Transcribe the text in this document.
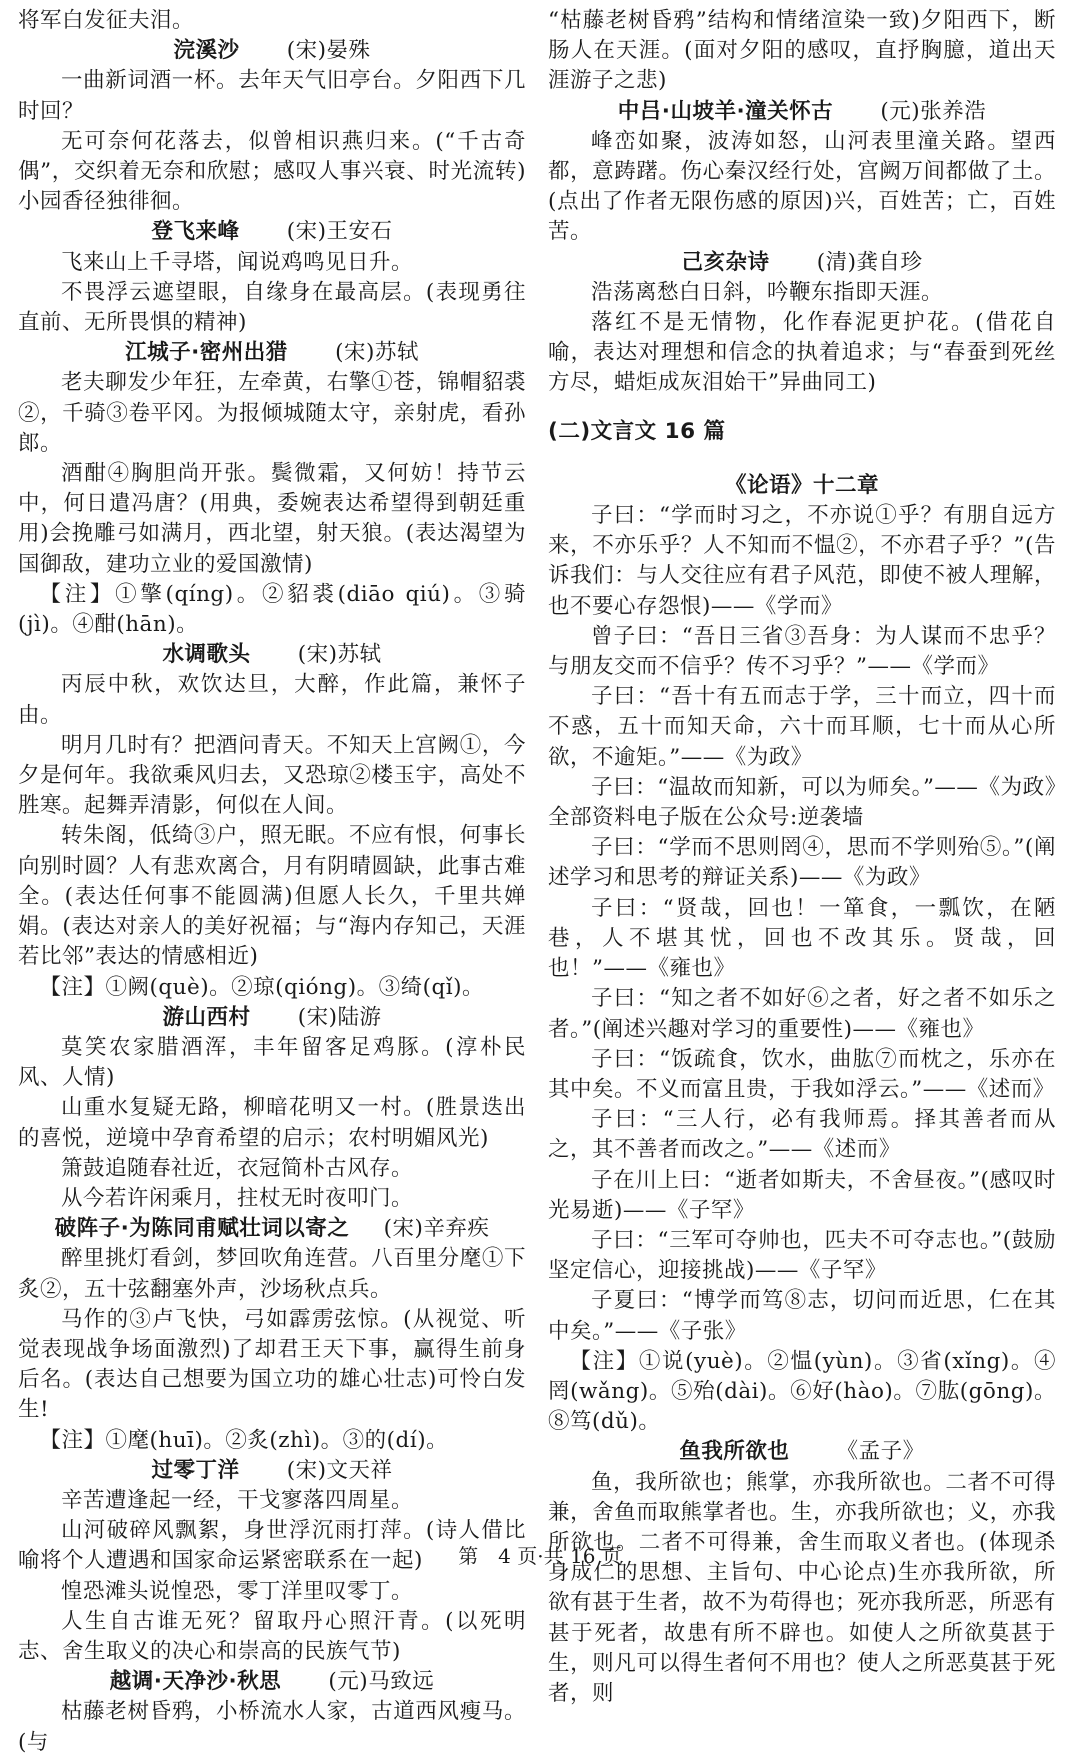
将军白发征夫泪。

浣溪沙 (宋)晏殊

一曲新词酒一杯。去年天气旧亭台。夕阳西下几时回？

无可奈何花落去，似曾相识燕归来。(“千古奇偶”，交织着无奈和欣慰；感叹人事兴衰、时光流转)小园香径独徘徊。

登飞来峰 (宋)王安石

飞来山上千寻塔，闻说鸡鸣见日升。

不畏浮云遮望眼，自缘身在最高层。(表现勇往直前、无所畏惧的精神)

江城子·密州出猎 (宋)苏轼

老夫聊发少年狂，左牵黄，右擎①苍，锦帽貂裘②，千骑③卷平冈。为报倾城随太守，亲射虎，看孙郎。

酒酣④胸胆尚开张。鬓微霜，又何妨！持节云中，何日遣冯唐？(用典，委婉表达希望得到朝廷重用)会挽雕弓如满月，西北望，射天狼。(表达渴望为国御敌，建功立业的爱国激情)

【注】①擎(qíng)。②貂裘(diāo qiú)。③骑(jì)。④酣(hān)。

水调歌头 (宋)苏轼

丙辰中秋，欢饮达旦，大醉，作此篇，兼怀子由。

明月几时有？把酒问青天。不知天上宫阙①，今夕是何年。我欲乘风归去，又恐琼②楼玉宇，高处不胜寒。起舞弄清影，何似在人间。

转朱阁，低绮③户，照无眠。不应有恨，何事长向别时圆？人有悲欢离合，月有阴晴圆缺，此事古难全。(表达任何事不能圆满)但愿人长久，千里共婵娟。(表达对亲人的美好祝福；与“海内存知己，天涯若比邻”表达的情感相近)

【注】①阙(què)。②琼(qióng)。③绮(qǐ)。

游山西村 (宋)陆游

莫笑农家腊酒浑，丰年留客足鸡豚。(淳朴民风、人情)

山重水复疑无路，柳暗花明又一村。(胜景迭出的喜悦，逆境中孕育希望的启示；农村明媚风光)

箫鼓追随春社近，衣冠简朴古风存。

从今若许闲乘月，拄杖无时夜叩门。

破阵子·为陈同甫赋壮词以寄之 (宋)辛弃疾

醉里挑灯看剑，梦回吹角连营。八百里分麾①下炙②，五十弦翻塞外声，沙场秋点兵。

马作的③卢飞快，弓如霹雳弦惊。(从视觉、听觉表现战争场面激烈)了却君王天下事，赢得生前身后名。(表达自己想要为国立功的雄心壮志)可怜白发生!

【注】①麾(huī)。②炙(zhì)。③的(dí)。

过零丁洋 (宋)文天祥

辛苦遭逢起一经，干戈寥落四周星。

山河破碎风飘絮，身世浮沉雨打萍。(诗人借比喻将个人遭遇和国家命运紧密联系在一起)

惶恐滩头说惶恐，零丁洋里叹零丁。

人生自古谁无死？留取丹心照汗青。(以死明志、舍生取义的决心和崇高的民族气节)

越调·天净沙·秋思 (元)马致远

枯藤老树昏鸦，小桥流水人家，古道西风瘦马。(与

“枯藤老树昏鸦”结构和情绪渲染一致)夕阳西下，断肠人在天涯。(面对夕阳的感叹，直抒胸臆，道出天涯游子之悲)

中吕·山坡羊·潼关怀古 (元)张养浩

峰峦如聚，波涛如怒，山河表里潼关路。望西都，意踌躇。伤心秦汉经行处，宫阙万间都做了土。(点出了作者无限伤感的原因)兴，百姓苦；亡，百姓苦。

己亥杂诗 (清)龚自珍

浩荡离愁白日斜，吟鞭东指即天涯。

落红不是无情物，化作春泥更护花。(借花自喻，表达对理想和信念的执着追求；与“春蚕到死丝方尽，蜡炬成灰泪始干”异曲同工)

(二)文言文 16 篇
《论语》十二章

子曰：“学而时习之，不亦说①乎？有朋自远方来，不亦乐乎？人不知而不愠②，不亦君子乎？”(告诉我们：与人交往应有君子风范，即使不被人理解，也不要心存怨恨)——《学而》

曾子曰：“吾日三省③吾身：为人谋而不忠乎？与朋友交而不信乎？传不习乎？”——《学而》

子曰：“吾十有五而志于学，三十而立，四十而不惑，五十而知天命，六十而耳顺，七十而从心所欲，不逾矩。”——《为政》

子曰：“温故而知新，可以为师矣。”——《为政》全部资料电子版在公众号:逆袭墙

子曰：“学而不思则罔④，思而不学则殆⑤。”(阐述学习和思考的辩证关系)——《为政》

子曰：“贤哉，回也！一箪食，一瓢饮，在陋巷，人不堪其忧，回也不改其乐。贤哉，回也！”——《雍也》

子曰：“知之者不如好⑥之者，好之者不如乐之者。”(阐述兴趣对学习的重要性)——《雍也》

子曰：“饭疏食，饮水，曲肱⑦而枕之，乐亦在其中矣。不义而富且贵，于我如浮云。”——《述而》

子曰：“三人行，必有我师焉。择其善者而从之，其不善者而改之。”——《述而》

子在川上曰：“逝者如斯夫，不舍昼夜。”(感叹时光易逝)——《子罕》

子曰：“三军可夺帅也，匹夫不可夺志也。”(鼓励坚定信心，迎接挑战)——《子罕》

子夏曰：“博学而笃⑧志，切问而近思，仁在其中矣。”——《子张》

【注】①说(yuè)。②愠(yùn)。③省(xǐng)。④罔(wǎng)。⑤殆(dài)。⑥好(hào)。⑦肱(gōng)。⑧笃(dǔ)。

鱼我所欲也 《孟子》

鱼，我所欲也；熊掌，亦我所欲也。二者不可得兼，舍鱼而取熊掌者也。生，亦我所欲也；义，亦我所欲也。二者不可得兼，舍生而取义者也。(体现杀身成仁的思想、主旨句、中心论点)生亦我所欲，所欲有甚于生者，故不为苟得也；死亦我所恶，所恶有甚于死者，故患有所不辟也。如使人之所欲莫甚于生，则凡可以得生者何不用也？使人之所恶莫甚于死者，则

第　4 页·共 16 页
